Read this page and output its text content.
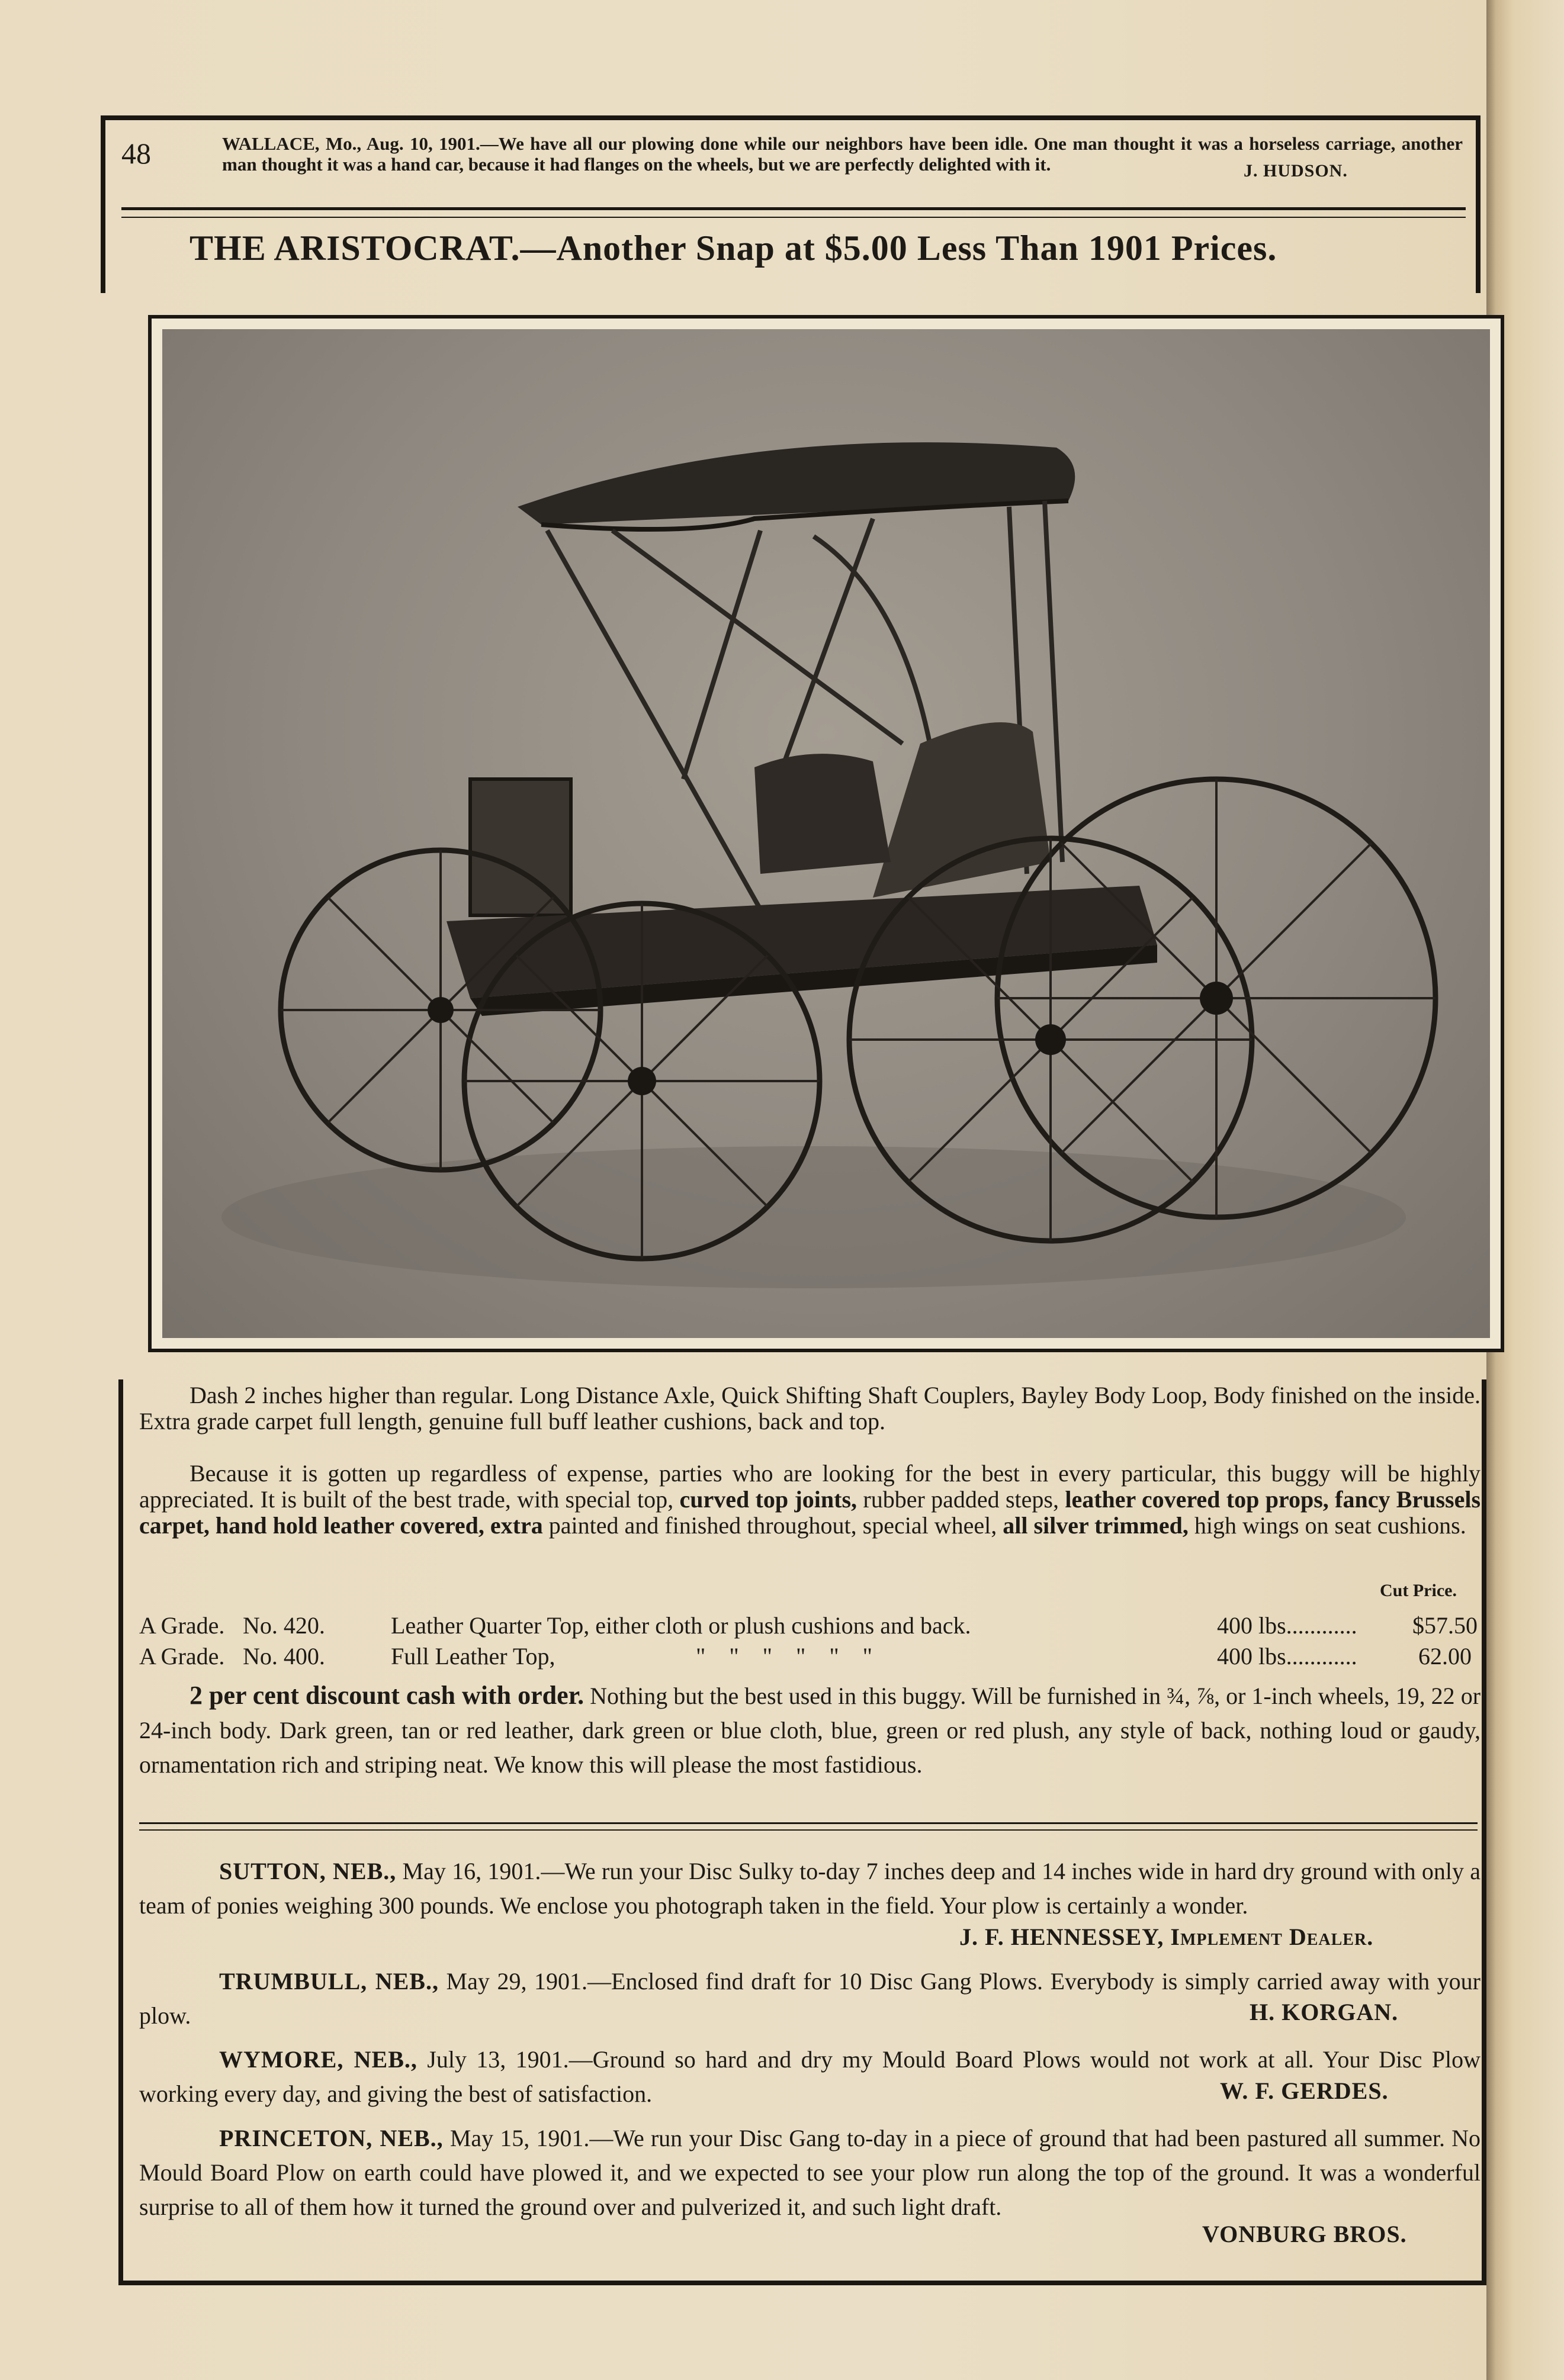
48	WALLACE, Mo., Aug. 10, 1901.—We have all our plowing done while our neighbors have been idle. One man thought it was a horseless carriage, another man thought it was a hand car, because it had flanges on the wheels, but we are perfectly delighted with it.	J. HUDSON.
THE ARISTOCRAT.—Another Snap at $5.00 Less Than 1901 Prices.
Dash 2 inches higher than regular. Long Distance Axle, Quick Shifting Shaft Couplers, Bayley Body Loop, Body finished on the inside. Extra grade carpet full length, genuine full buff leather cushions, back and top.
Because it is gotten up regardless of expense, parties who are looking for the best in every particular, this buggy will be highly appreciated. It is built of the best trade, with special top, curved top joints, rubber padded steps, leather covered top props, fancy Brussels carpet, hand hold leather covered, extra painted and finished throughout, special wheel, all silver trimmed, high wings on seat cushions.
Cut Price.
A Grade. No. 420.	Leather Quarter Top, either cloth or plush cushions and back.	400 lbs............ $57.50
A Grade. No. 400.	Full Leather Top,	"    "    "    "    "    "	400 lbs............	62.00
2 per cent discount cash with order. Nothing but the best used in this buggy. Will be furnished in ¾, ⅞, or 1-inch wheels, 19, 22 or 24-inch body. Dark green, tan or red leather, dark green or blue cloth, blue, green or red plush, any style of back, nothing loud or gaudy, ornamentation rich and striping neat. We know this will please the most fastidious.
SUTTON, NEB., May 16, 1901.—We run your Disc Sulky to-day 7 inches deep and 14 inches wide in hard dry ground with only a team of ponies weighing 300 pounds. We enclose you photograph taken in the field. Your plow is certainly a wonder.
J. F. HENNESSEY, Implement Dealer.
TRUMBULL, NEB., May 29, 1901.—Enclosed find draft for 10 Disc Gang Plows. Everybody is simply carried away with your plow.	H. KORGAN.
WYMORE, NEB., July 13, 1901.—Ground so hard and dry my Mould Board Plows would not work at all. Your Disc Plow working every day, and giving the best of satisfaction.	W. F. GERDES.
PRINCETON, NEB., May 15, 1901.—We run your Disc Gang to-day in a piece of ground that had been pastured all summer. No Mould Board Plow on earth could have plowed it, and we expected to see your plow run along the top of the ground. It was a wonderful surprise to all of them how it turned the ground over and pulverized it, and such light draft.
VONBURG BROS.
